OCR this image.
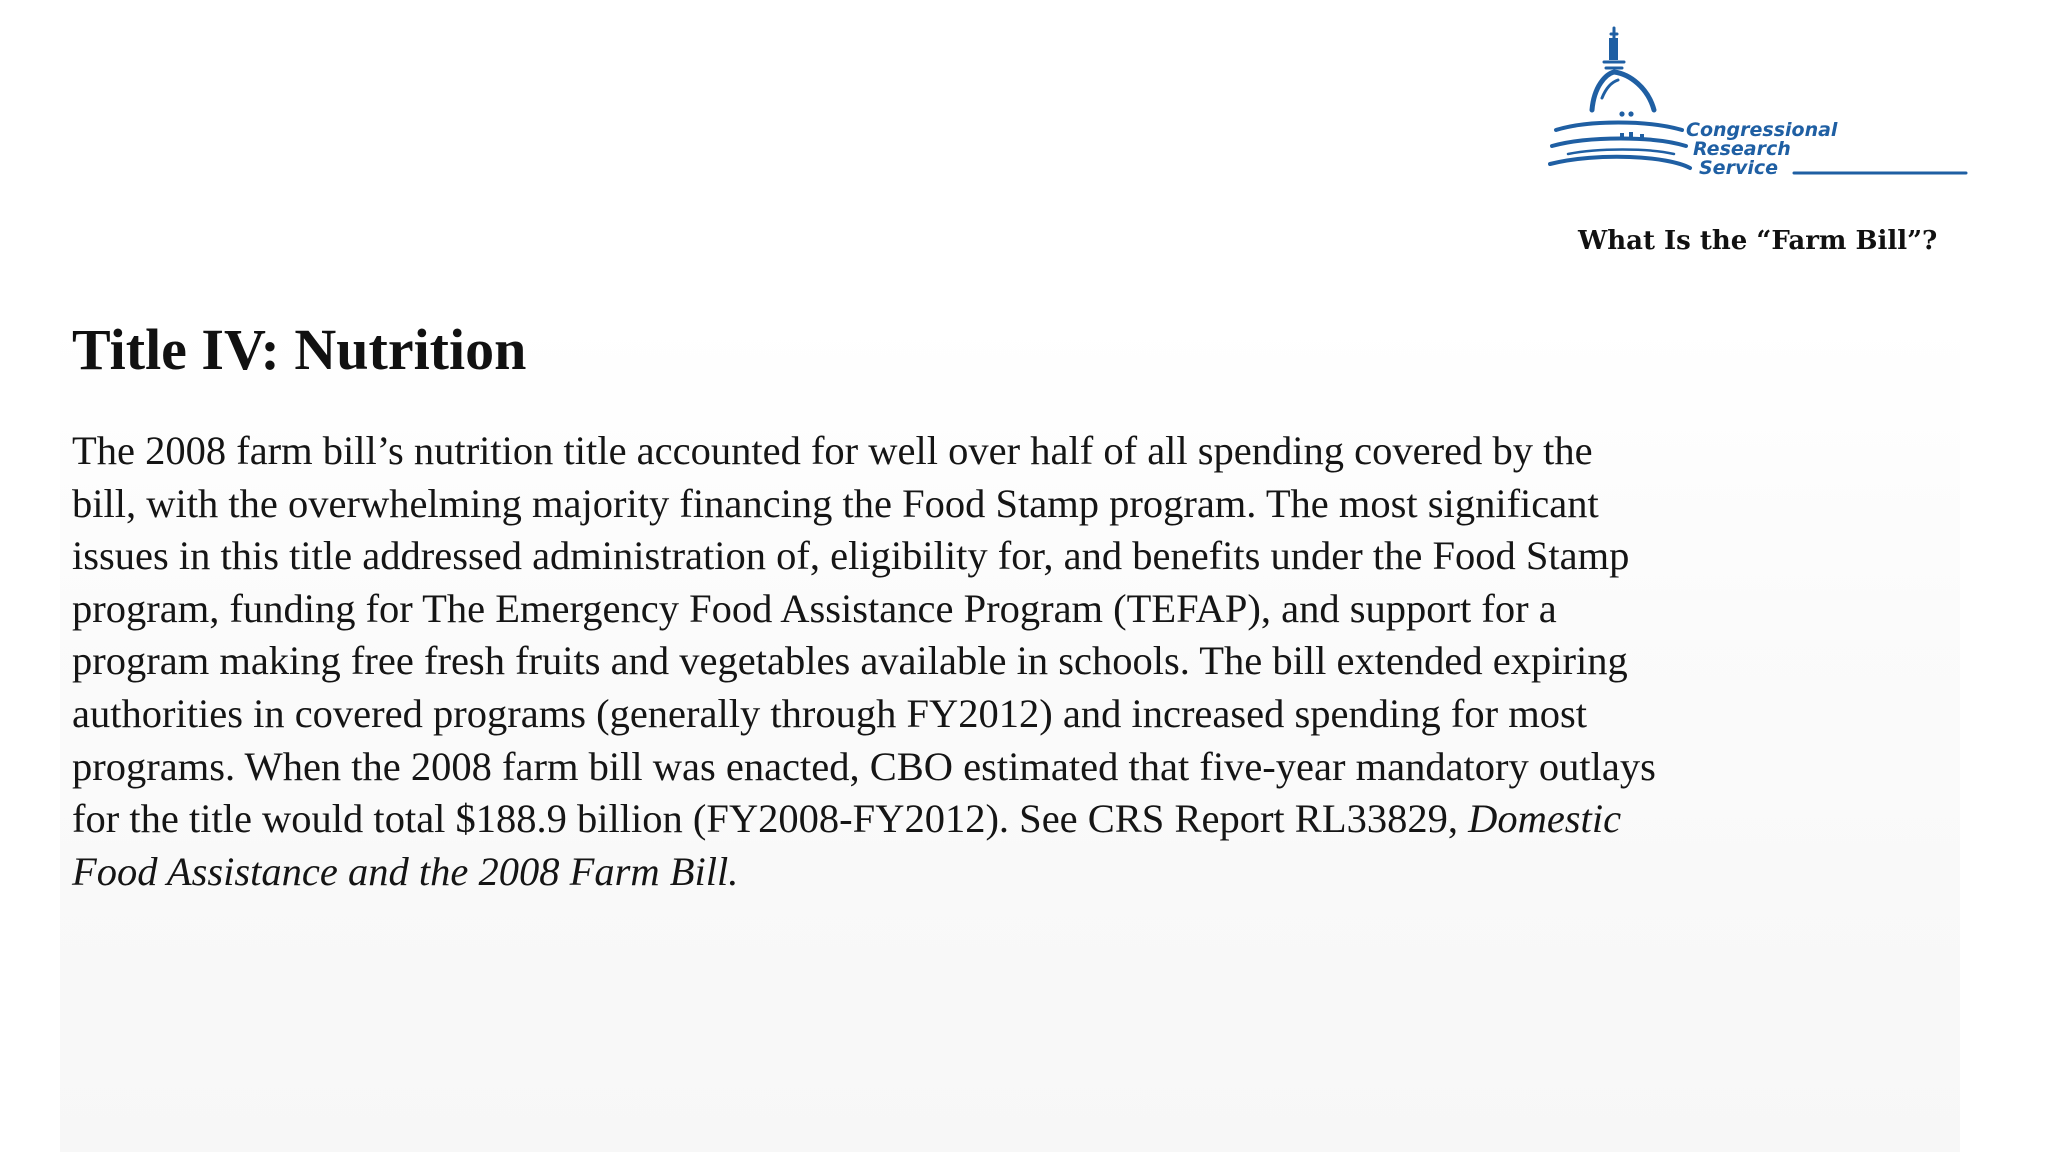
Congressional
Research
Service
What Is the “Farm Bill”?
Title IV: Nutrition

The 2008 farm bill’s nutrition title accounted for well over half of all spending covered by the
bill, with the overwhelming majority financing the Food Stamp program. The most significant
issues in this title addressed administration of, eligibility for, and benefits under the Food Stamp
program, funding for The Emergency Food Assistance Program (TEFAP), and support for a
program making free fresh fruits and vegetables available in schools. The bill extended expiring
authorities in covered programs (generally through FY2012) and increased spending for most
programs. When the 2008 farm bill was enacted, CBO estimated that five-year mandatory outlays
for the title would total $188.9 billion (FY2008-FY2012). See CRS Report RL33829, Domestic
Food Assistance and the 2008 Farm Bill.
